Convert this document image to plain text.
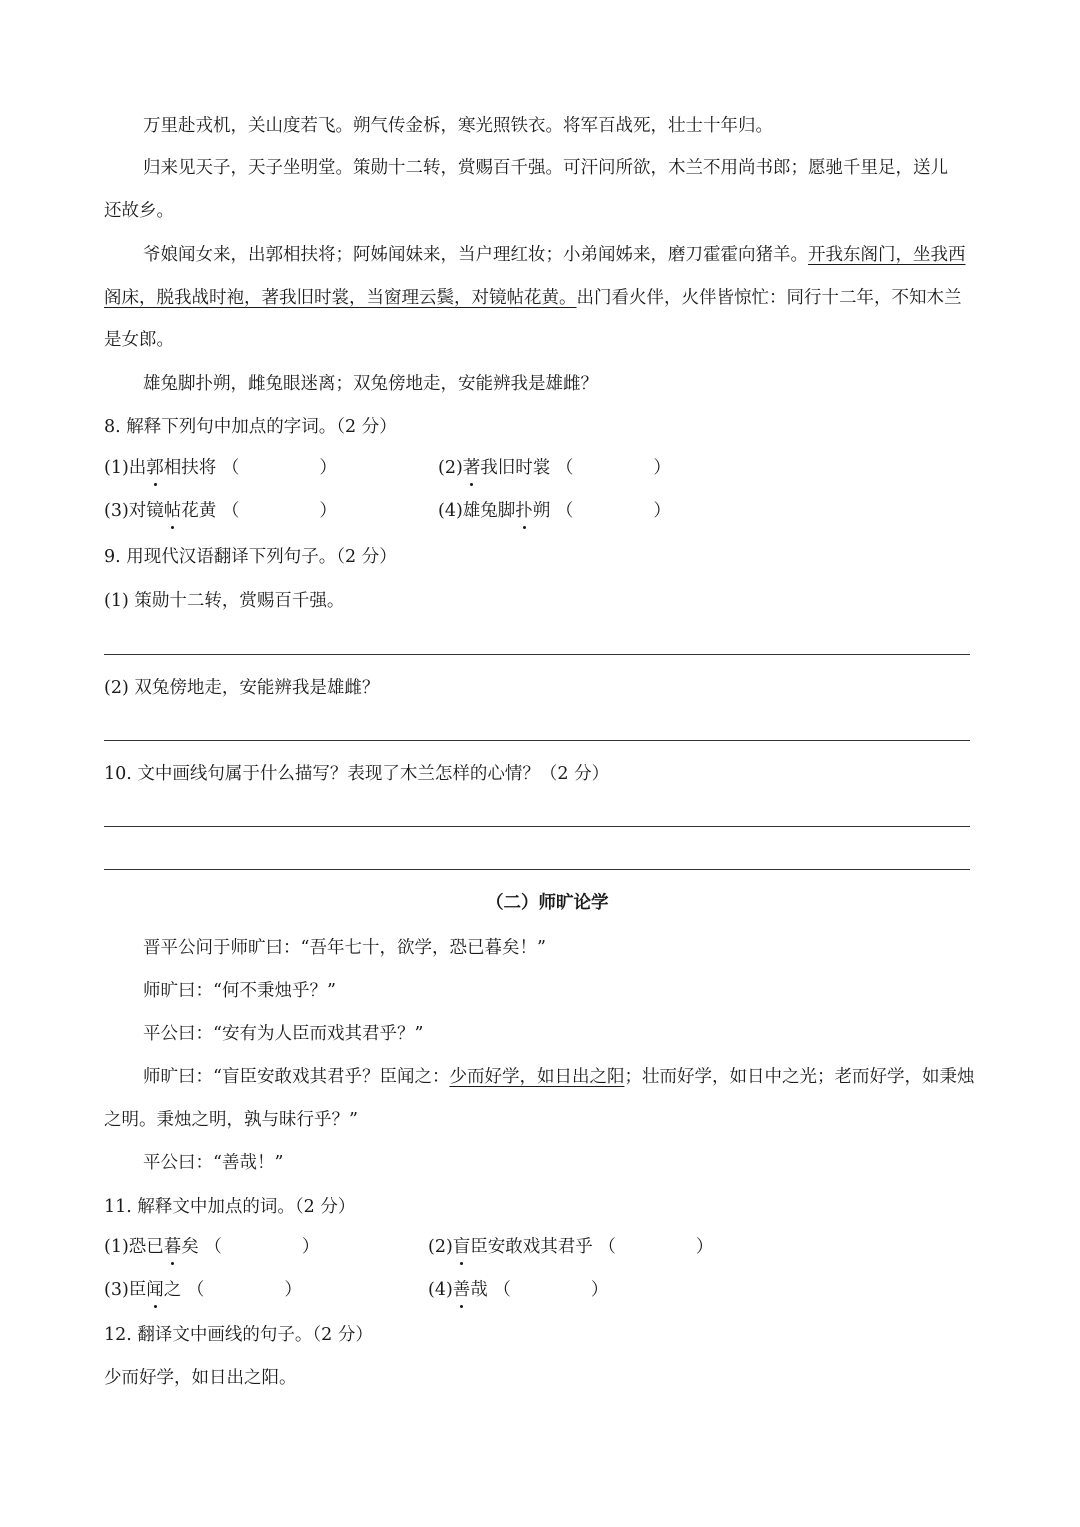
万里赴戎机，关山度若飞。朔气传金柝，寒光照铁衣。将军百战死，壮士十年归。
归来见天子，天子坐明堂。策勋十二转，赏赐百千强。可汗问所欲，木兰不用尚书郎；愿驰千里足，送儿
还故乡。
爷娘闻女来，出郭相扶将；阿姊闻妹来，当户理红妆；小弟闻姊来，磨刀霍霍向猪羊。开我东阁门，坐我西
阁床，脱我战时袍，著我旧时裳，当窗理云鬓，对镜帖花黄。出门看火伴，火伴皆惊忙：同行十二年，不知木兰
是女郎。
雄兔脚扑朔，雌兔眼迷离；双兔傍地走，安能辨我是雄雌？
8. 解释下列句中加点的字词。（2 分）
(1)出郭相扶将 （	）	(2)著我旧时裳 （	）
(3)对镜帖花黄 （	）	(4)雄兔脚扑朔 （	）
9. 用现代汉语翻译下列句子。（2 分）
(1) 策勋十二转，赏赐百千强。
(2) 双兔傍地走，安能辨我是雄雌？
10. 文中画线句属于什么描写？表现了木兰怎样的心情？（2 分）
（二）师旷论学
晋平公问于师旷曰：“吾年七十，欲学，恐已暮矣！”
师旷曰：“何不秉烛乎？”
平公曰：“安有为人臣而戏其君乎？”
师旷曰：“盲臣安敢戏其君乎？臣闻之：少而好学，如日出之阳；壮而好学，如日中之光；老而好学，如秉烛
之明。秉烛之明，孰与昧行乎？”
平公曰：“善哉！”
11. 解释文中加点的词。（2 分）
(1)恐已暮矣 （	）	(2)盲臣安敢戏其君乎 （	）
(3)臣闻之 （	）	(4)善哉 （	）
12. 翻译文中画线的句子。（2 分）
少而好学，如日出之阳。
